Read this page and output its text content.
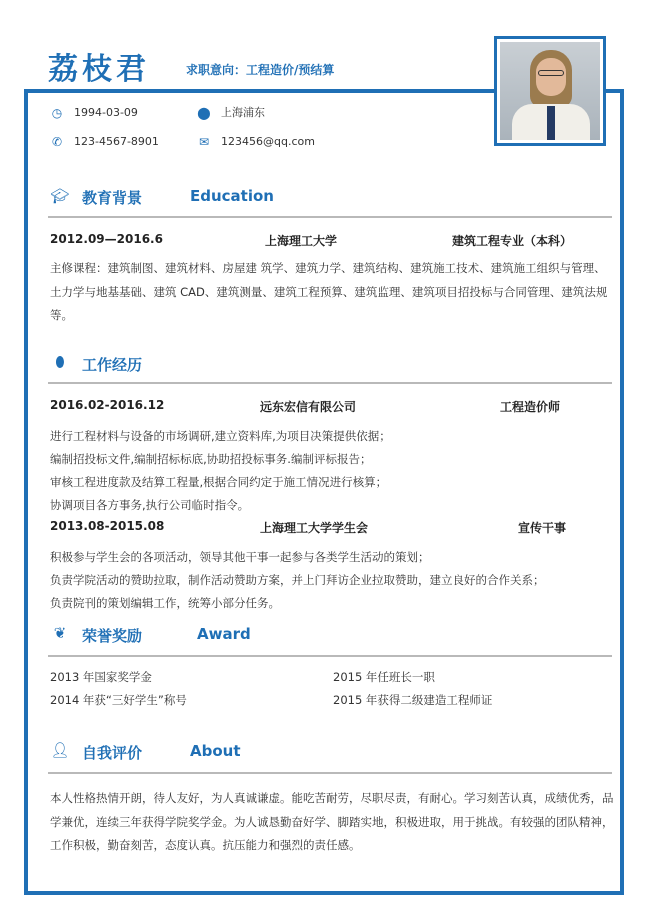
荔枝君	求职意向：工程造价/预结算
◷ 1994-03-09	⬤ 上海浦东
✆ 123-4567-8901	✉ 123456@qq.com
🎓︎ 教育背景	Education
2012.09—2016.6	上海理工大学	建筑工程专业（本科）
主修课程：建筑制图、建筑材料、房屋建 筑学、建筑力学、建筑结构、建筑施工技术、建筑施工组织与管理、土力学与地基基础、建筑 CAD、建筑测量、建筑工程预算、建筑监理、建筑项目招投标与合同管理、建筑法规等。
⬮	工作经历
2016.02-2016.12	远东宏信有限公司	工程造价师
进行工程材料与设备的市场调研,建立资料库,为项目决策提供依据；
编制招投标文件,编制招标标底,协助招投标事务.编制评标报告；
审核工程进度款及结算工程量,根据合同约定于施工情况进行核算；
协调项目各方事务,执行公司临时指令。
2013.08-2015.08	上海理工大学学生会	宣传干事
积极参与学生会的各项活动，领导其他干事一起参与各类学生活动的策划；
负责学院活动的赞助拉取，制作活动赞助方案，并上门拜访企业拉取赞助，建立良好的合作关系；
负责院刊的策划编辑工作，统筹小部分任务。
❦ 荣誉奖励	Award
2013 年国家奖学金	2015 年任班长一职
2014 年获“三好学生”称号	2015 年获得二级建造工程师证
👤︎ 自我评价	About
本人性格热情开朗，待人友好，为人真诚谦虚。能吃苦耐劳，尽职尽责，有耐心。学习刻苦认真，成绩优秀，品学兼优，连续三年获得学院奖学金。为人诚恳勤奋好学、脚踏实地，积极进取，用于挑战。有较强的团队精神，工作积极，勤奋刻苦，态度认真。抗压能力和强烈的责任感。
